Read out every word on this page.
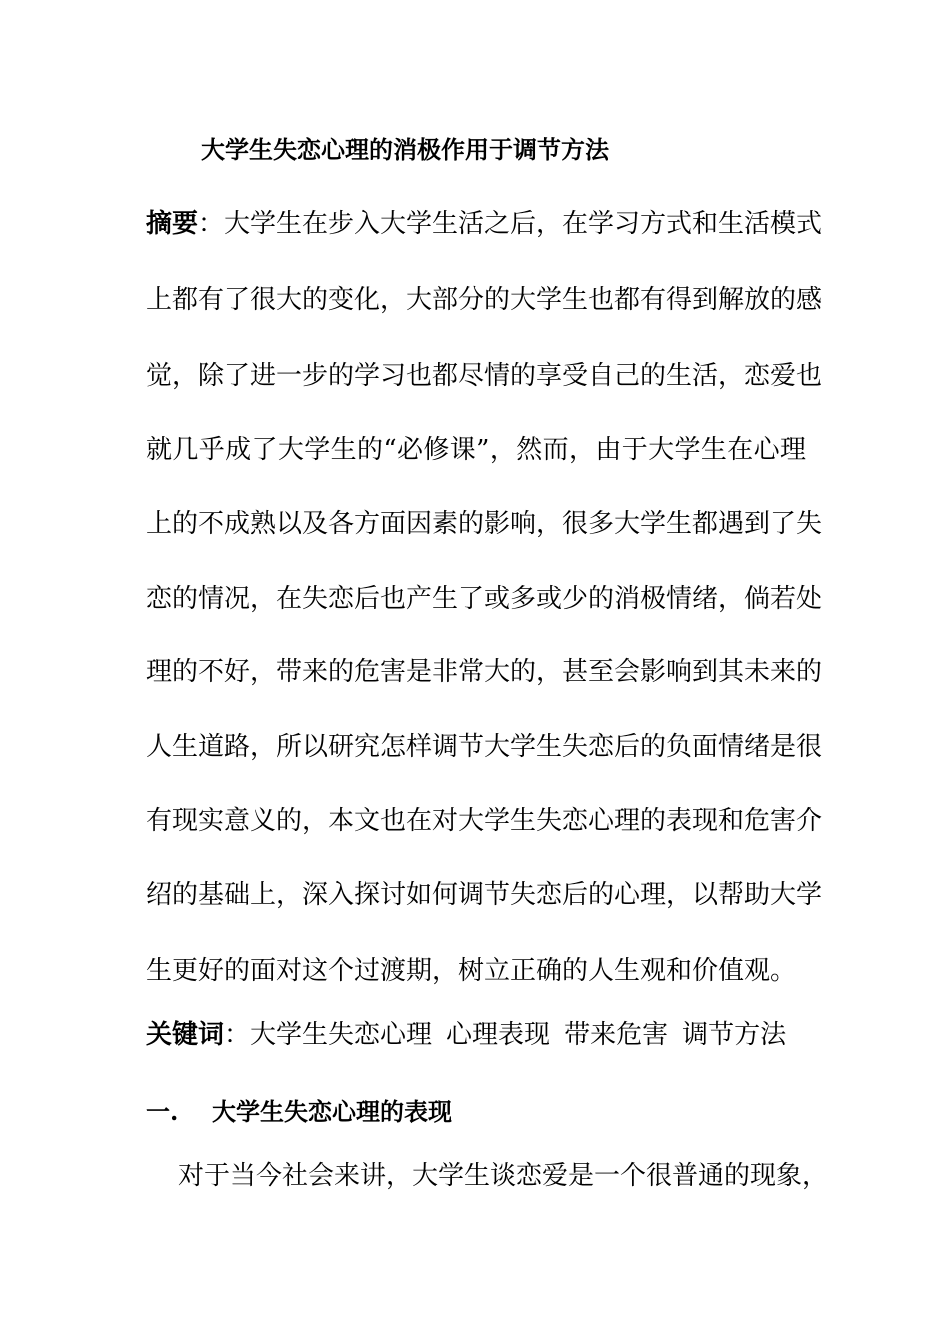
大学生失恋心理的消极作用于调节方法
摘要：大学生在步入大学生活之后，在学习方式和生活模式
上都有了很大的变化，大部分的大学生也都有得到解放的感
觉，除了进一步的学习也都尽情的享受自己的生活，恋爱也
就几乎成了大学生的“必修课”，然而，由于大学生在心理
上的不成熟以及各方面因素的影响，很多大学生都遇到了失
恋的情况，在失恋后也产生了或多或少的消极情绪，倘若处
理的不好，带来的危害是非常大的，甚至会影响到其未来的
人生道路，所以研究怎样调节大学生失恋后的负面情绪是很
有现实意义的，本文也在对大学生失恋心理的表现和危害介
绍的基础上，深入探讨如何调节失恋后的心理，以帮助大学
生更好的面对这个过渡期，树立正确的人生观和价值观。
关键词：大学生失恋心理 心理表现 带来危害 调节方法
一. 大学生失恋心理的表现
对于当今社会来讲，大学生谈恋爱是一个很普通的现象，
